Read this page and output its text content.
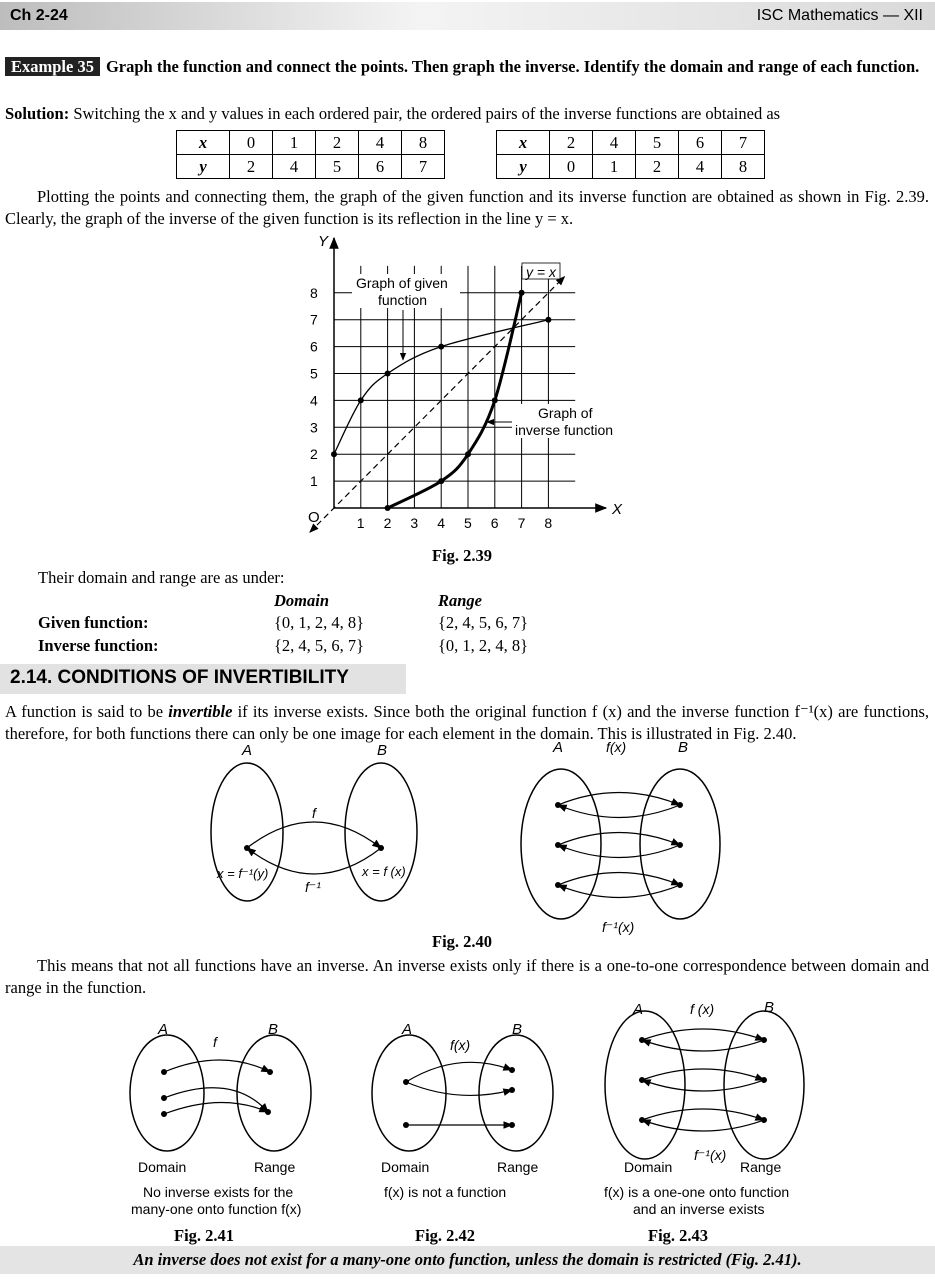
Ch 2-24	ISC Mathematics — XII
Example 35 Graph the function and connect the points. Then graph the inverse. Identify the domain and range of each function.
Solution: Switching the x and y values in each ordered pair, the ordered pairs of the inverse functions are obtained as
x	0	1	2	4	8
y	2	4	5	6	7
x	2	4	5	6	7
y	0	1	2	4	8
Plotting the points and connecting them, the graph of the given function and its inverse function are obtained as shown in Fig. 2.39. Clearly, the graph of the inverse of the given function is its reflection in the line y = x.
1 2 3 4 5 6 7 8
1
2
3
4
5
6
7
8
Y
X
O
y = x
Graph of given
function
Graph of
inverse function
Fig. 2.39
Their domain and range are as under:
Domain	Range
Given function:	{0, 1, 2, 4, 8}	{2, 4, 5, 6, 7}
Inverse function:	{2, 4, 5, 6, 7}	{0, 1, 2, 4, 8}
2.14. CONDITIONS OF INVERTIBILITY
A function is said to be invertible if its inverse exists. Since both the original function f (x) and the inverse function f⁻¹(x) are functions, therefore, for both functions there can only be one image for each element in the domain. This is illustrated in Fig. 2.40.
A	B
f
f⁻¹
x = f⁻¹(y)	x = f (x)
A	B
f(x)
f⁻¹(x)
Fig. 2.40
This means that not all functions have an inverse. An inverse exists only if there is a one-to-one correspondence between domain and range in the function.
A	B
f
Domain	Range
No inverse exists for the
many-one onto function f(x)
A	B
f(x)
Domain	Range
f(x) is not a function
A	B
f (x)
f⁻¹(x)
Domain	Range
f(x) is a one-one onto function
and an inverse exists
Fig. 2.41	Fig. 2.42	Fig. 2.43
An inverse does not exist for a many-one onto function, unless the domain is restricted (Fig. 2.41).
